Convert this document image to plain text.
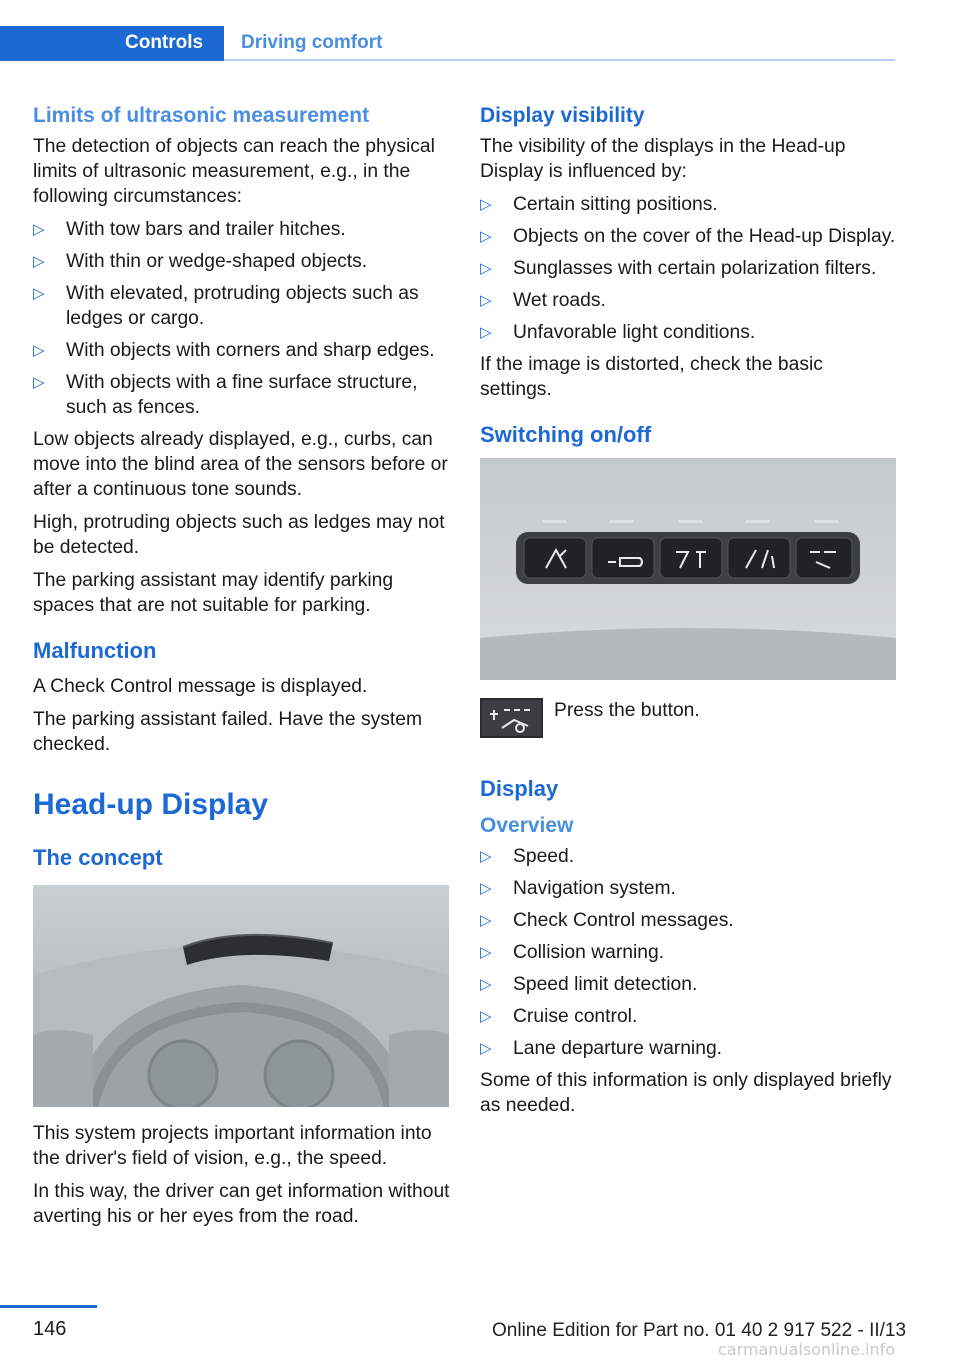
Controls Driving comfort
Limits of ultrasonic measurement

The detection of objects can reach the physical limits of ultrasonic measurement, e.g., in the following circumstances:

▷ With tow bars and trailer hitches.
▷ With thin or wedge-shaped objects.
▷ With elevated, protruding objects such as ledges or cargo.
▷ With objects with corners and sharp edges.
▷ With objects with a fine surface structure, such as fences.

Low objects already displayed, e.g., curbs, can move into the blind area of the sensors before or after a continuous tone sounds.

High, protruding objects such as ledges may not be detected.

The parking assistant may identify parking spaces that are not suitable for parking.

Malfunction

A Check Control message is displayed.

The parking assistant failed. Have the system checked.

Head-up Display
The concept

This system projects important information into the driver's field of vision, e.g., the speed.

In this way, the driver can get information without averting his or her eyes from the road.

Display visibility

The visibility of the displays in the Head-up Display is influenced by:

▷ Certain sitting positions.
▷ Objects on the cover of the Head-up Display.
▷ Sunglasses with certain polarization filters.
▷ Wet roads.
▷ Unfavorable light conditions.

If the image is distorted, check the basic settings.

Switching on/off

Press the button.

Display
Overview
▷ Speed.
▷ Navigation system.
▷ Check Control messages.
▷ Collision warning.
▷ Speed limit detection.
▷ Cruise control.
▷ Lane departure warning.

Some of this information is only displayed briefly as needed.

146	Online Edition for Part no. 01 40 2 917 522 - II/13
carmanualsonline.info
